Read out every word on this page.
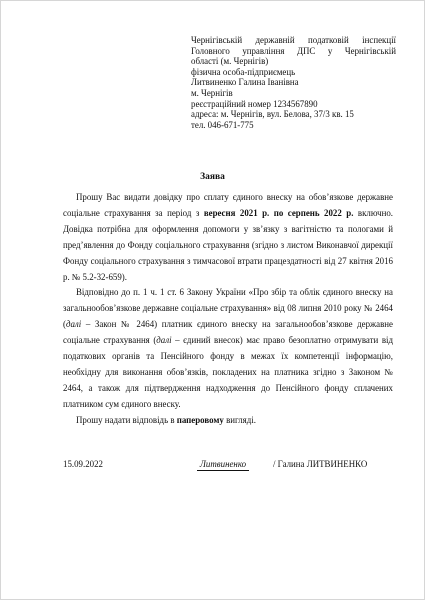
Чернігівській державній податковій інспекції
Головного управління ДПС у Чернігівській
області (м. Чернігів)
фізична особа-підприємець
Литвиненко Галина Іванівна
м. Чернігів
реєстраційний номер 1234567890
адреса: м. Чернігів, вул. Белова, 37/3 кв. 15
тел. 046-671-775
Заява

Прошу Вас видати довідку про сплату єдиного внеску на обов’язкове державне соціальне страхування за період з вересня 2021 р. по серпень 2022 р. включно. Довідка потрібна для оформлення допомоги у зв’язку з вагітністю та пологами й пред’явлення до Фонду соціального страхування (згідно з листом Виконавчої дирекції Фонду соціального страхування з тимчасової втрати працездатності від 27 квітня 2016 р. № 5.2-32-659).

Відповідно до п. 1 ч. 1 ст. 6 Закону України «Про збір та облік єдиного внеску на загальнообов’язкове державне соціальне страхування» від 08 липня 2010 року № 2464 (далі – Закон № 2464) платник єдиного внеску на загальнообов’язкове державне соціальне страхування (далі – єдиний внесок) має право безоплатно отримувати від податкових органів та Пенсійного фонду в межах їх компетенції інформацію, необхідну для виконання обов’язків, покладених на платника згідно з Законом № 2464, а також для підтвердження надходження до Пенсійного фонду сплачених платником сум єдиного внеску.

Прошу надати відповідь в паперовому вигляді.

15.09.2022	Литвиненко	/ Галина ЛИТВИНЕНКО
